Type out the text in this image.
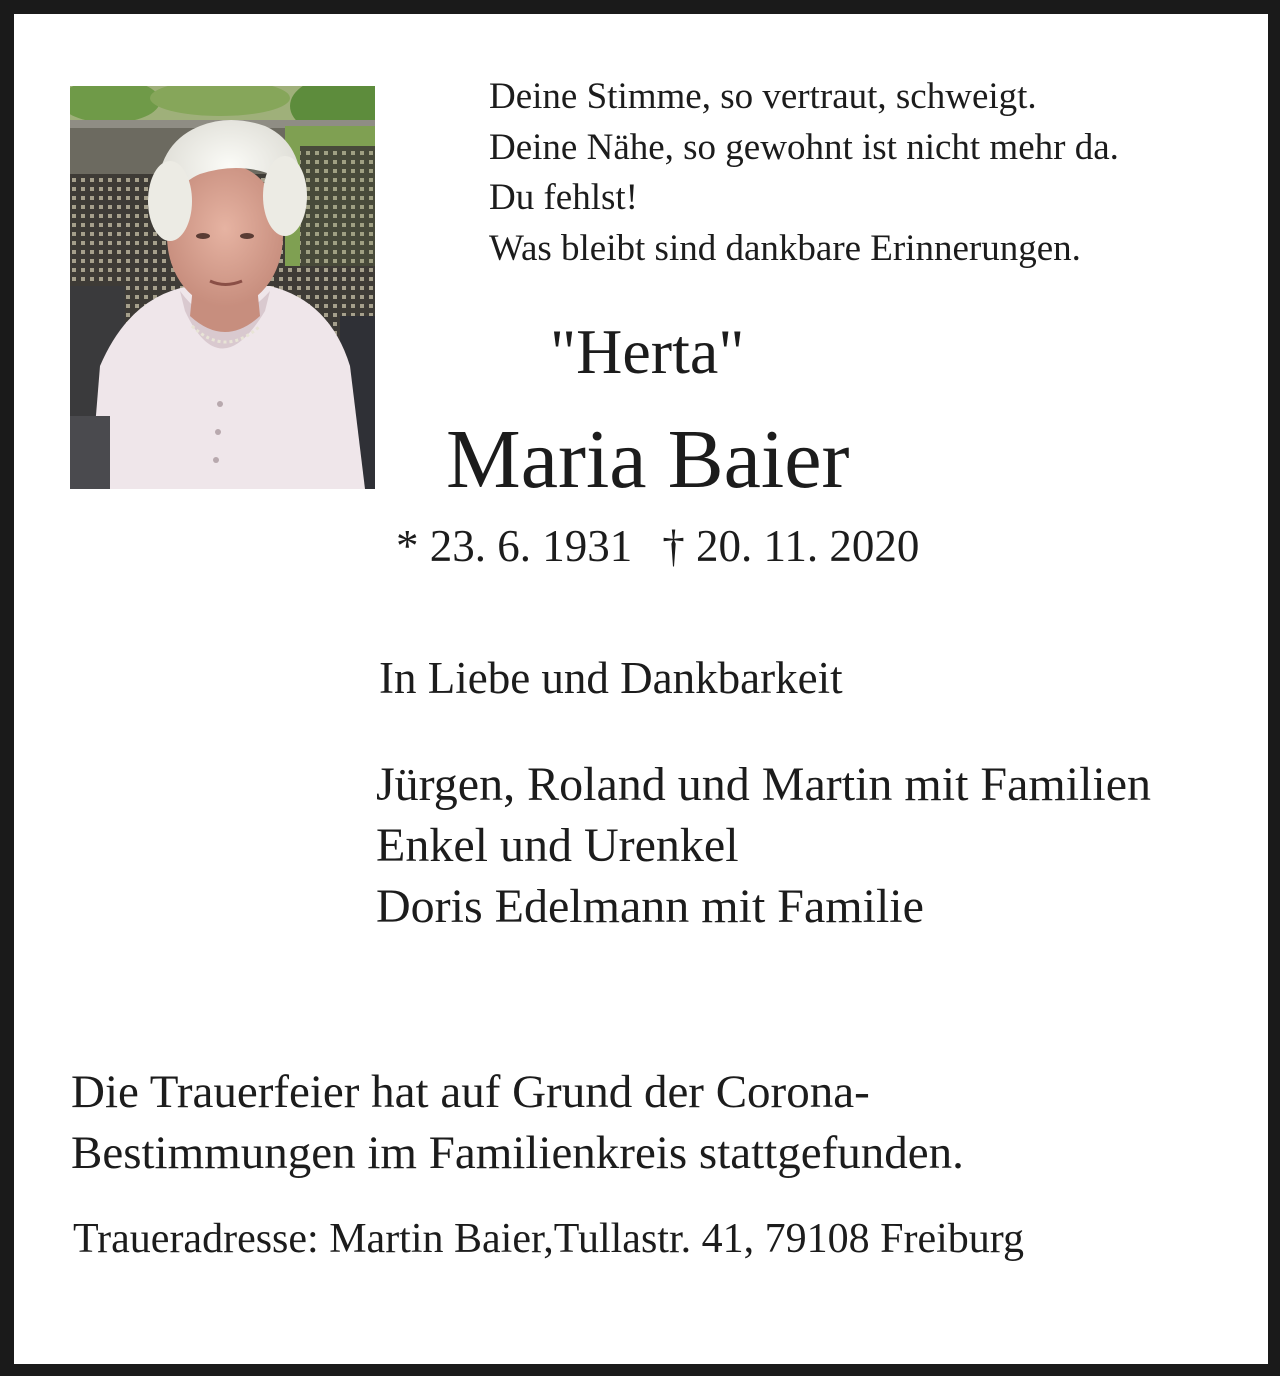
Deine Stimme, so vertraut, schweigt.
Deine Nähe, so gewohnt ist nicht mehr da.
Du fehlst!
Was bleibt sind dankbare Erinnerungen.
"Herta"
Maria Baier
* 23. 6. 1931 † 20. 11. 2020
In Liebe und Dankbarkeit
Jürgen, Roland und Martin mit Familien
Enkel und Urenkel
Doris Edelmann mit Familie
Die Trauerfeier hat auf Grund der Corona-
Bestimmungen im Familienkreis stattgefunden.
Traueradresse: Martin Baier,Tullastr. 41, 79108 Freiburg
